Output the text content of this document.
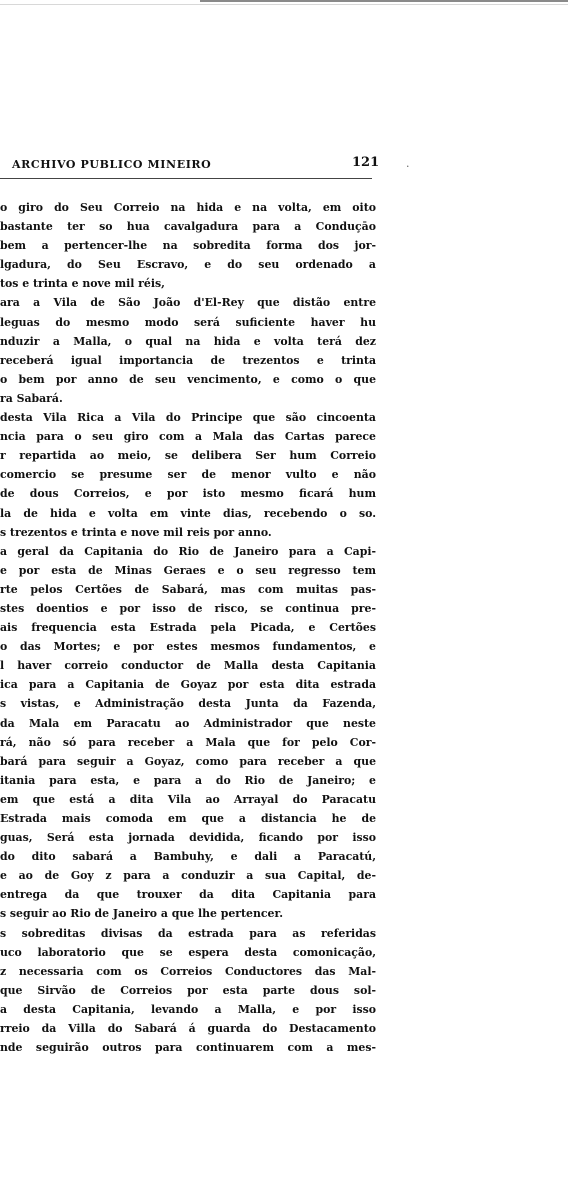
ARCHIVO PUBLICO MINEIRO	121 ·
o giro do Seu Correio na hida e na volta, em oito
bastante ter so hua cavalgadura para a Conduçāo
bem a pertencer-lhe na sobredita forma dos jor-
lgadura, do Seu Escravo, e do seu ordenado a
tos e trinta e nove mil réis,
ara a Vila de São João d'El-Rey que distão entre
leguas do mesmo modo será suficiente haver hu
nduzir a Malla, o qual na hida e volta terá dez
receberá igual importancia de trezentos e trinta
o bem por anno de seu vencimento, e como o que
ra Sabará.
desta Vila Rica a Vila do Principe que são cincoenta
ncia para o seu giro com a Mala das Cartas parece
r repartida ao meio, se delibera Ser hum Correio
comercio se presume ser de menor vulto e não
de dous Correios, e por isto mesmo ficará hum
la de hida e volta em vinte dias, recebendo o so.
s trezentos e trinta e nove mil reis por anno.
a geral da Capitania do Rio de Janeiro para a Capi-
e por esta de Minas Geraes e o seu regresso tem
rte pelos Certões de Sabará, mas com muitas pas-
stes doentios e por isso de risco, se continua pre-
ais frequencia esta Estrada pela Picada, e Certões
o das Mortes; e por estes mesmos fundamentos, e
l haver correio conductor de Malla desta Capitania
ica para a Capitania de Goyaz por esta dita estrada
s vistas, e Administração desta Junta da Fazenda,
da Mala em Paracatu ao Administrador que neste
rá, não só para receber a Mala que for pelo Cor-
bará para seguir a Goyaz, como para receber a que
itania para esta, e para a do Rio de Janeiro; e
em que está a dita Vila ao Arrayal do Paracatu
Estrada mais comoda em que a distancia he de
guas, Será esta jornada devidida, ficando por isso
do dito sabará a Bambuhy, e dali a Paracatú,
e ao de Goy z para a conduzir a sua Capital, de-
entrega da que trouxer da dita Capitania para
s seguir ao Rio de Janeiro a que lhe pertencer.
s sobreditas divisas da estrada para as referidas
uco laboratorio que se espera desta comonicação,
z necessaria com os Correios Conductores das Mal-
que Sirvão de Correios por esta parte dous sol-
a desta Capitania, levando a Malla, e por isso
rreio da Villa do Sabará á guarda do Destacamento
nde seguirão outros para continuarem com a mes-
